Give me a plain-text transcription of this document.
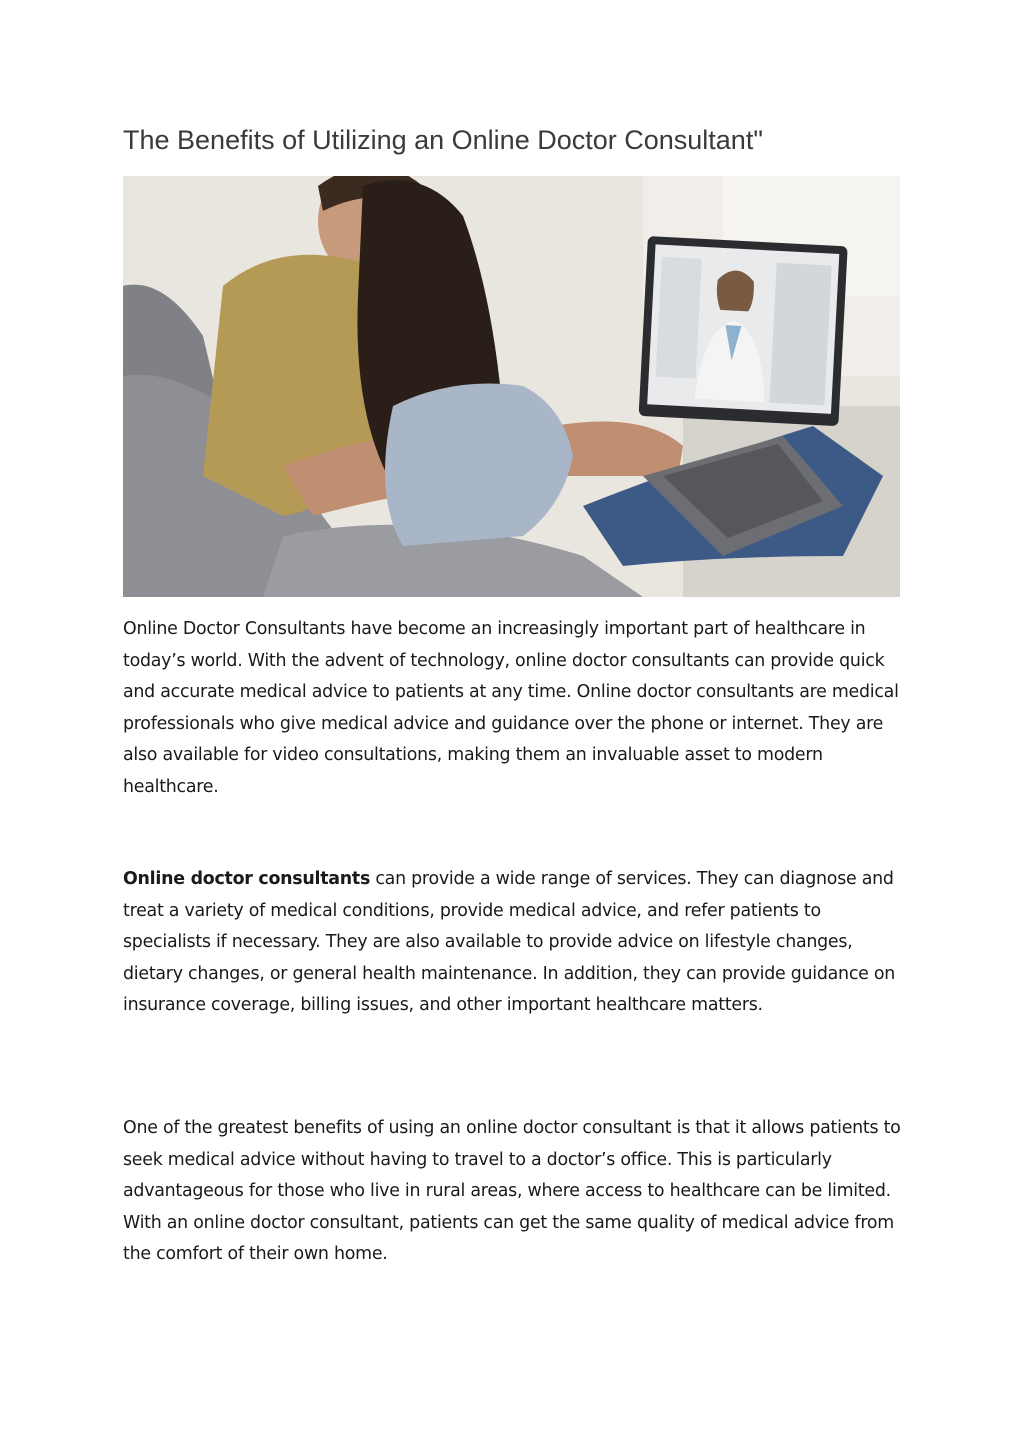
The Benefits of Utilizing an Online Doctor Consultant"

Online Doctor Consultants have become an increasingly important part of healthcare in today’s world. With the advent of technology, online doctor consultants can provide quick and accurate medical advice to patients at any time. Online doctor consultants are medical professionals who give medical advice and guidance over the phone or internet. They are also available for video consultations, making them an invaluable asset to modern healthcare.

Online doctor consultants can provide a wide range of services. They can diagnose and treat a variety of medical conditions, provide medical advice, and refer patients to specialists if necessary. They are also available to provide advice on lifestyle changes, dietary changes, or general health maintenance. In addition, they can provide guidance on insurance coverage, billing issues, and other important healthcare matters.

One of the greatest benefits of using an online doctor consultant is that it allows patients to seek medical advice without having to travel to a doctor’s office. This is particularly advantageous for those who live in rural areas, where access to healthcare can be limited. With an online doctor consultant, patients can get the same quality of medical advice from the comfort of their own home.
